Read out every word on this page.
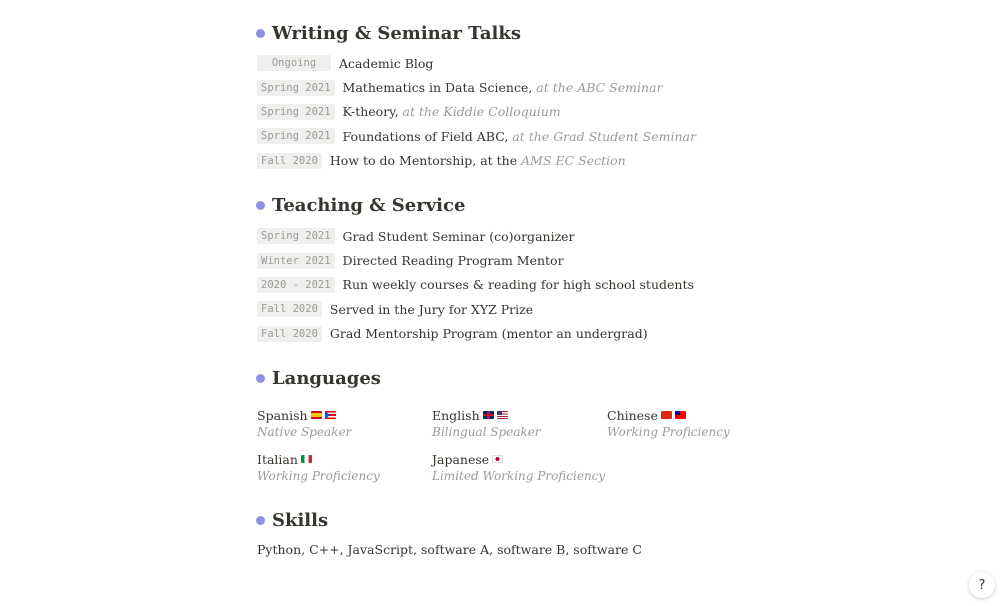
Writing & Seminar Talks
Ongoing	Academic Blog
Spring 2021 Mathematics in Data Science,
at the ABC Seminar
Spring 2021 K-theory,
at the Kiddie Colloquium
Spring 2021 Foundations of Field ABC,
at the Grad Student Seminar
Fall 2020 How to do Mentorship, at the
AMS EC Section
Teaching & Service
Spring 2021 Grad Student Seminar (co)organizer
Winter 2021 Directed Reading Program Mentor
2020 - 2021 Run weekly courses & reading for high school students
Fall 2020 Served in the Jury for XYZ Prize
Fall 2020 Grad Mentorship Program (mentor an undergrad)
Languages
Spanish
Native Speaker
English
Bilingual Speaker
Chinese
Working Proficiency
Italian
Working Proficiency
Japanese
Limited Working Proficiency
Skills
Python, C++, JavaScript, software A, software B, software C
?
